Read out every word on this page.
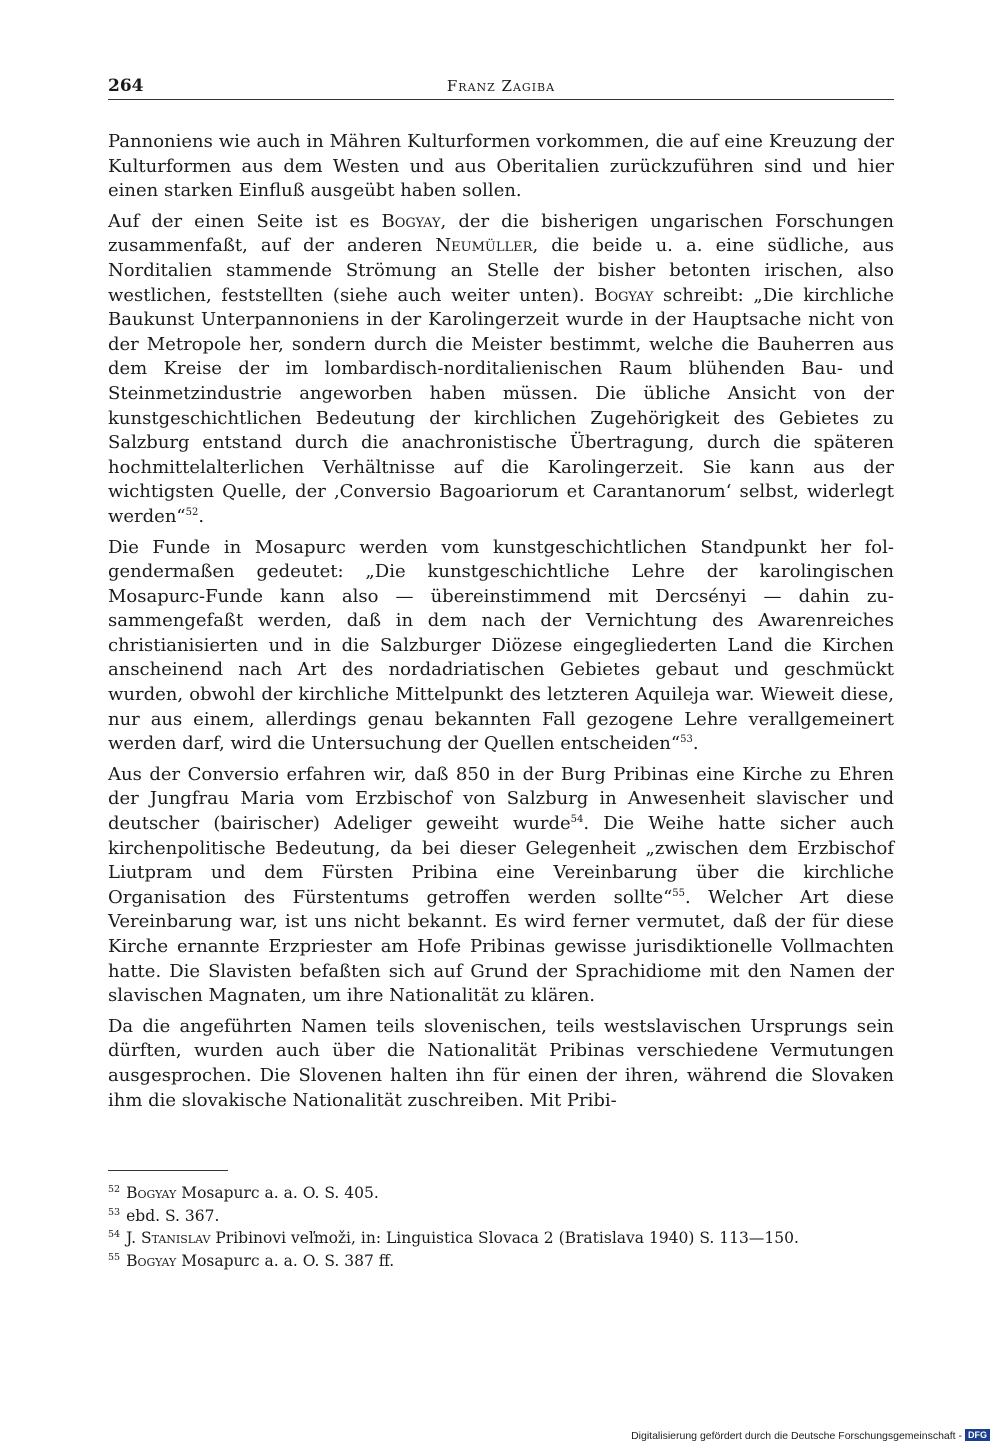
264	Franz Zagiba

Pannoniens wie auch in Mähren Kulturformen vorkommen, die auf eine Kreuzung der Kulturformen aus dem Westen und aus Oberitalien zurückzuführen sind und hier einen starken Einfluß ausgeübt haben sollen.

Auf der einen Seite ist es Bogyay, der die bisherigen ungarischen Forschungen zusammenfaßt, auf der anderen Neumüller, die beide u. a. eine südliche, aus Norditalien stammende Strömung an Stelle der bisher betonten irischen, also westlichen, feststellten (siehe auch weiter unten). Bogyay schreibt: „Die kirchliche Baukunst Unterpannoniens in der Karolingerzeit wurde in der Hauptsache nicht von der Metropole her, sondern durch die Meister bestimmt, welche die Bauherren aus dem Kreise der im lombardisch-norditalienischen Raum blühenden Bau- und Steinmetzindustrie angeworben haben müssen. Die übliche Ansicht von der kunstgeschichtlichen Bedeutung der kirchlichen Zugehörigkeit des Gebietes zu Salzburg entstand durch die anachronistische Übertragung, durch die späteren hochmittelalterlichen Verhältnisse auf die Karolingerzeit. Sie kann aus der wichtigsten Quelle, der ‚Conversio Bagoariorum et Carantanorum‘ selbst, widerlegt werden“$^{52}$.

Die Funde in Mosapurc werden vom kunstgeschichtlichen Standpunkt her folgendermaßen gedeutet: „Die kunstgeschichtliche Lehre der karolingischen Mosapurc-Funde kann also — übereinstimmend mit Dercsényi — dahin zusammengefaßt werden, daß in dem nach der Vernichtung des Awarenreiches christianisierten und in die Salzburger Diözese eingegliederten Land die Kirchen anscheinend nach Art des nordadriatischen Gebietes gebaut und geschmückt wurden, obwohl der kirchliche Mittelpunkt des letzteren Aquileja war. Wieweit diese, nur aus einem, allerdings genau bekannten Fall gezogene Lehre verallgemeinert werden darf, wird die Untersuchung der Quellen entscheiden“$^{53}$.

Aus der Conversio erfahren wir, daß 850 in der Burg Pribinas eine Kirche zu Ehren der Jungfrau Maria vom Erzbischof von Salzburg in Anwesenheit slavischer und deutscher (bairischer) Adeliger geweiht wurde$^{54}$. Die Weihe hatte sicher auch kirchenpolitische Bedeutung, da bei dieser Gelegenheit „zwischen dem Erzbischof Liutpram und dem Fürsten Pribina eine Vereinbarung über die kirchliche Organisation des Fürstentums getroffen werden sollte“$^{55}$. Welcher Art diese Vereinbarung war, ist uns nicht bekannt. Es wird ferner vermutet, daß der für diese Kirche ernannte Erzpriester am Hofe Pribinas gewisse jurisdiktionelle Vollmachten hatte. Die Slavisten befaßten sich auf Grund der Sprachidiome mit den Namen der slavischen Magnaten, um ihre Nationalität zu klären.

Da die angeführten Namen teils slovenischen, teils westslavischen Ursprungs sein dürften, wurden auch über die Nationalität Pribinas verschiedene Vermutungen ausgesprochen. Die Slovenen halten ihn für einen der ihren, während die Slovaken ihm die slovakische Nationalität zuschreiben. Mit Pribi-

$^{52}$ Bogyay Mosapurc a. a. O. S. 405.

$^{53}$ ebd. S. 367.

$^{54}$ J. Stanislav Pribinovi veľmoži, in: Linguistica Slovaca 2 (Bratislava 1940) S. 113—150.

$^{55}$ Bogyay Mosapurc a. a. O. S. 387 ff.

Digitalisierung gefördert durch die Deutsche Forschungsgemeinschaft - DFG
